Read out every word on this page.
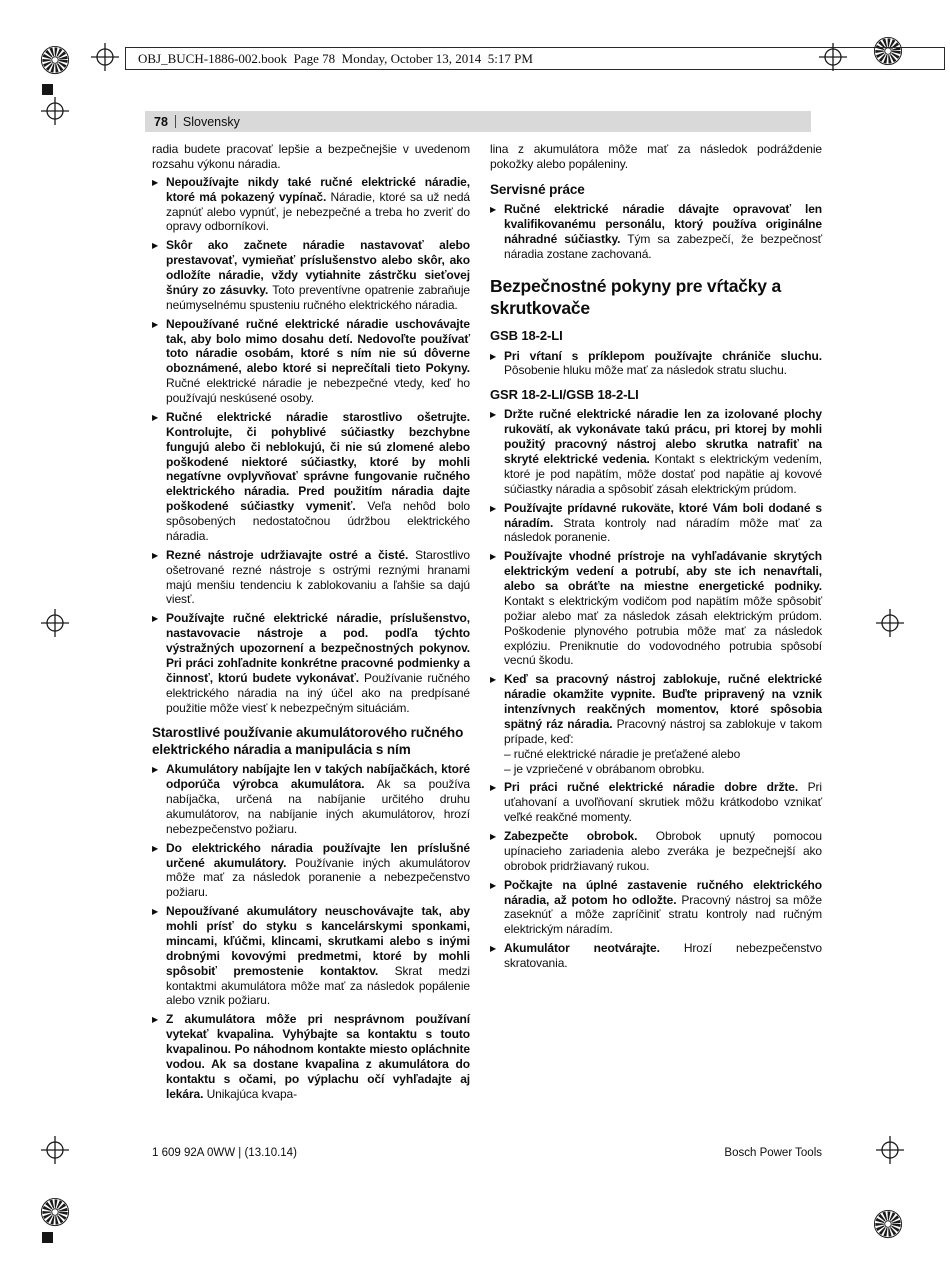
OBJ_BUCH-1886-002.book  Page 78  Monday, October 13, 2014  5:17 PM
78 Slovensky

radia budete pracovať lepšie a bezpečnejšie v uvedenom rozsahu výkonu náradia.

▶ Nepoužívajte nikdy také ručné elektrické náradie, ktoré má pokazený vypínač. Náradie, ktoré sa už nedá zapnúť alebo vypnúť, je nebezpečné a treba ho zveriť do opravy odborníkovi.
▶ Skôr ako začnete náradie nastavovať alebo prestavovať, vymieňať príslušenstvo alebo skôr, ako odložíte náradie, vždy vytiahnite zástrčku sieťovej šnúry zo zásuvky. Toto preventívne opatrenie zabraňuje neúmyselnému spusteniu ručného elektrického náradia.
▶ Nepoužívané ručné elektrické náradie uschovávajte tak, aby bolo mimo dosahu detí. Nedovoľte používať toto náradie osobám, ktoré s ním nie sú dôverne oboznámené, alebo ktoré si neprečítali tieto Pokyny. Ručné elektrické náradie je nebezpečné vtedy, keď ho používajú neskúsené osoby.
▶ Ručné elektrické náradie starostlivo ošetrujte. Kontrolujte, či pohyblivé súčiastky bezchybne fungujú alebo či neblokujú, či nie sú zlomené alebo poškodené niektoré súčiastky, ktoré by mohli negatívne ovplyvňovať správne fungovanie ručného elektrického náradia. Pred použitím náradia dajte poškodené súčiastky vymeniť. Veľa nehôd bolo spôsobených nedostatočnou údržbou elektrického náradia.
▶ Rezné nástroje udržiavajte ostré a čisté. Starostlivo ošetrované rezné nástroje s ostrými reznými hranami majú menšiu tendenciu k zablokovaniu a ľahšie sa dajú viesť.
▶ Používajte ručné elektrické náradie, príslušenstvo, nastavovacie nástroje a pod. podľa týchto výstražných upozornení a bezpečnostných pokynov. Pri práci zohľadnite konkrétne pracovné podmienky a činnosť, ktorú budete vykonávať. Používanie ručného elektrického náradia na iný účel ako na predpísané použitie môže viesť k nebezpečným situáciám.
Starostlivé používanie akumulátorového ručného elektrického náradia a manipulácia s ním
▶ Akumulátory nabíjajte len v takých nabíjačkách, ktoré odporúča výrobca akumulátora. Ak sa používa nabíjačka, určená na nabíjanie určitého druhu akumulátorov, na nabíjanie iných akumulátorov, hrozí nebezpečenstvo požiaru.
▶ Do elektrického náradia používajte len príslušné určené akumulátory. Používanie iných akumulátorov môže mať za následok poranenie a nebezpečenstvo požiaru.
▶ Nepoužívané akumulátory neuschovávajte tak, aby mohli prísť do styku s kancelárskymi sponkami, mincami, kľúčmi, klincami, skrutkami alebo s inými drobnými kovovými predmetmi, ktoré by mohli spôsobiť premostenie kontaktov. Skrat medzi kontaktmi akumulátora môže mať za následok popálenie alebo vznik požiaru.
▶ Z akumulátora môže pri nesprávnom používaní vytekať kvapalina. Vyhýbajte sa kontaktu s touto kvapalinou. Po náhodnom kontakte miesto opláchnite vodou. Ak sa dostane kvapalina z akumulátora do kontaktu s očami, po výplachu očí vyhľadajte aj lekára. Unikajúca kvapa-

lina z akumulátora môže mať za následok podráždenie pokožky alebo popáleniny.

Servisné práce
▶ Ručné elektrické náradie dávajte opravovať len kvalifikovanému personálu, ktorý používa originálne náhradné súčiastky. Tým sa zabezpečí, že bezpečnosť náradia zostane zachovaná.
Bezpečnostné pokyny pre vŕtačky a skrutkovače
GSB 18-2-LI
▶ Pri vŕtaní s príklepom používajte chrániče sluchu. Pôsobenie hluku môže mať za následok stratu sluchu.
GSR 18-2-LI/GSB 18-2-LI
▶ Držte ručné elektrické náradie len za izolované plochy rukovätí, ak vykonávate takú prácu, pri ktorej by mohli použitý pracovný nástroj alebo skrutka natrafiť na skryté elektrické vedenia. Kontakt s elektrickým vedením, ktoré je pod napätím, môže dostať pod napätie aj kovové súčiastky náradia a spôsobiť zásah elektrickým prúdom.
▶ Používajte prídavné rukoväte, ktoré Vám boli dodané s náradím. Strata kontroly nad náradím môže mať za následok poranenie.
▶ Používajte vhodné prístroje na vyhľadávanie skrytých elektrickým vedení a potrubí, aby ste ich nenavŕtali, alebo sa obráťte na miestne energetické podniky. Kontakt s elektrickým vodičom pod napätím môže spôsobiť požiar alebo mať za následok zásah elektrickým prúdom. Poškodenie plynového potrubia môže mať za následok explóziu. Preniknutie do vodovodného potrubia spôsobí vecnú škodu.
▶ Keď sa pracovný nástroj zablokuje, ručné elektrické náradie okamžite vypnite. Buďte pripravený na vznik intenzívnych reakčných momentov, ktoré spôsobia spätný ráz náradia. Pracovný nástroj sa zablokuje v takom prípade, keď:
– ručné elektrické náradie je preťažené alebo
– je vzpriečené v obrábanom obrobku.
▶ Pri práci ručné elektrické náradie dobre držte. Pri uťahovaní a uvoľňovaní skrutiek môžu krátkodobo vznikať veľké reakčné momenty.
▶ Zabezpečte obrobok. Obrobok upnutý pomocou upínacieho zariadenia alebo zveráka je bezpečnejší ako obrobok pridržiavaný rukou.
▶ Počkajte na úplné zastavenie ručného elektrického náradia, až potom ho odložte. Pracovný nástroj sa môže zaseknúť a môže zapríčiniť stratu kontroly nad ručným elektrickým náradím.
▶ Akumulátor neotvárajte. Hrozí nebezpečenstvo skratovania.
1 609 92A 0WW | (13.10.14)	Bosch Power Tools
